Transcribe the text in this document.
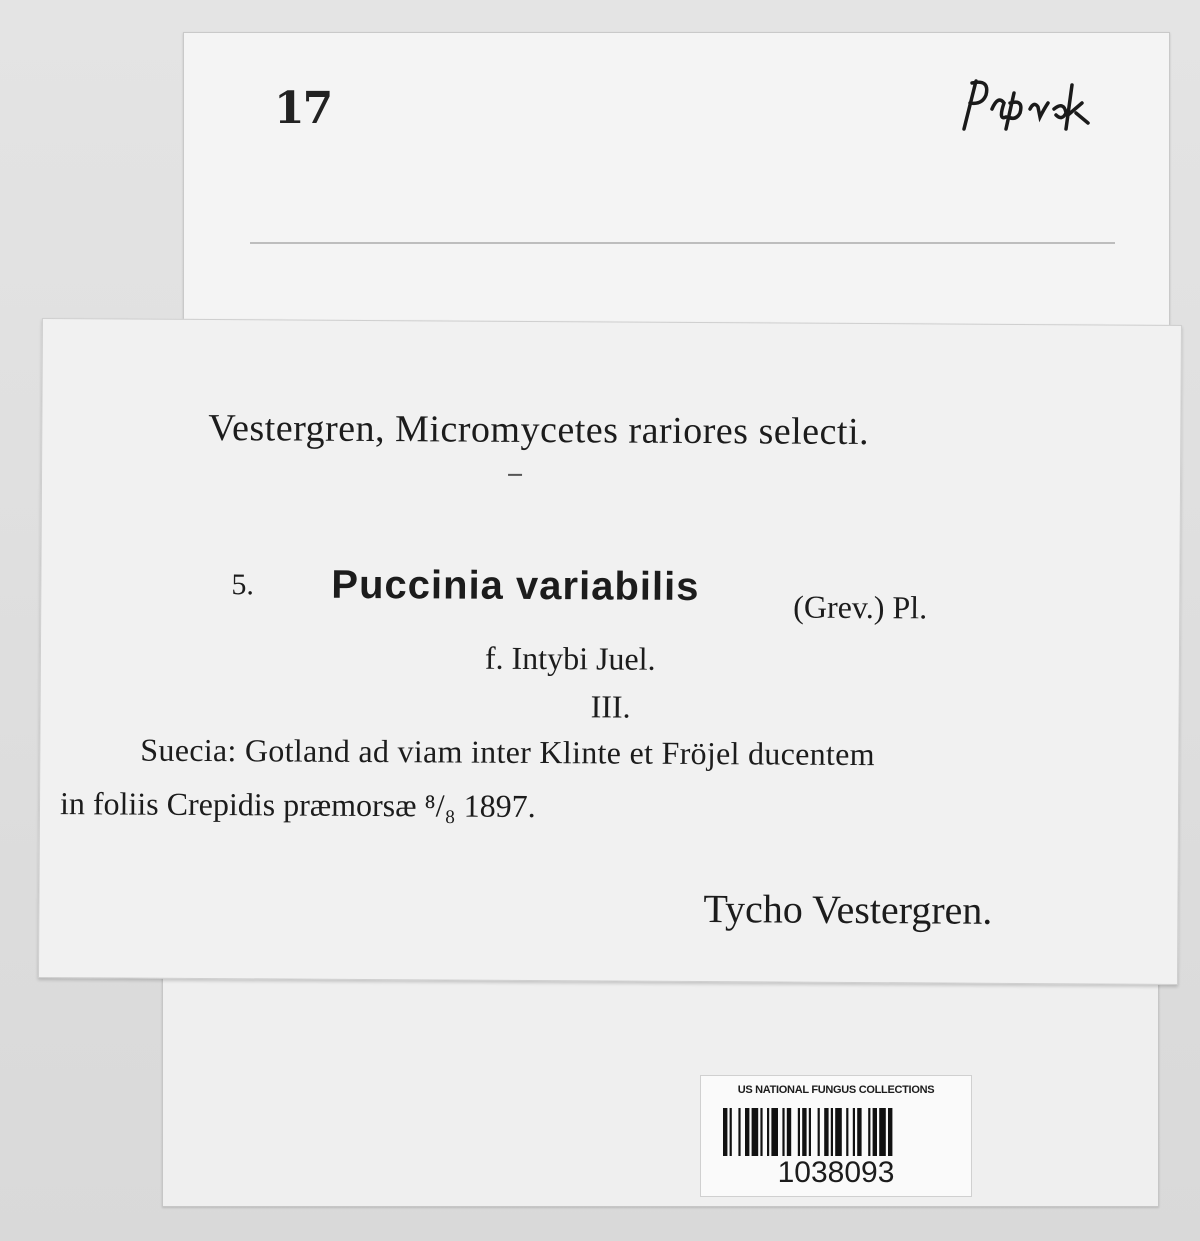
17
Vestergren, Micromycetes rariores selecti.
5. Puccinia variabilis	(Grev.) Pl.
f. Intybi Juel.
III.
Suecia: Gotland ad viam inter Klinte et Fröjel ducentem
in foliis Crepidis præmorsæ ⁸/₈ 1897.
Tycho Vestergren.
US NATIONAL FUNGUS COLLECTIONS
1038093
